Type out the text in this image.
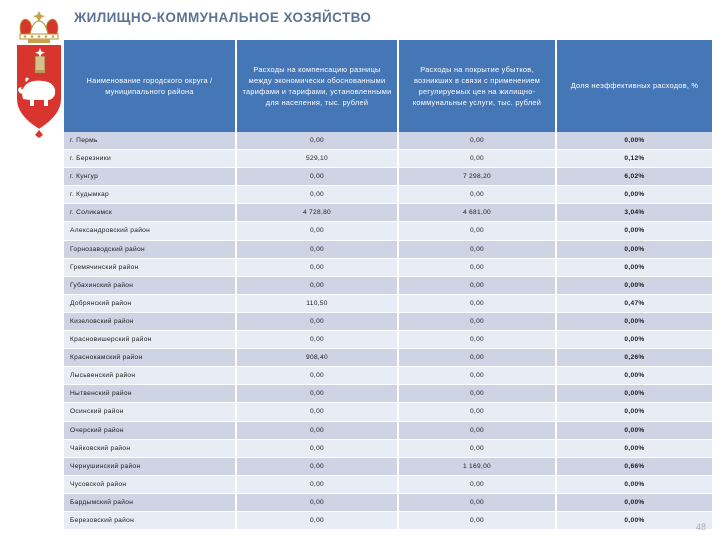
ЖИЛИЩНО-КОММУНАЛЬНОЕ ХОЗЯЙСТВО
Наименование городского округа / муниципального района	Расходы на компенсацию разницы между экономически обоснованными тарифами и тарифами, установленными для населения, тыс. рублей	Расходы на покрытие убытков, возникших в связи с применением регулируемых цен на жилищно-коммунальные услуги, тыс. рублей	Доля неэффективных расходов, %
г. Пермь	0,00	0,00	0,00%
г. Березники	529,10	0,00	0,12%
г. Кунгур	0,00	7 298,20	6,02%
г. Кудымкар	0,00	0,00	0,00%
г. Соликамск	4 728,80	4 681,00	3,04%
Александровский район	0,00	0,00	0,00%
Горнозаводский район	0,00	0,00	0,00%
Гремячинский район	0,00	0,00	0,00%
Губахинский район	0,00	0,00	0,00%
Добрянский район	110,50	0,00	0,47%
Кизеловский район	0,00	0,00	0,00%
Красновишерский район	0,00	0,00	0,00%
Краснокамский район	908,40	0,00	0,26%
Лысьвенский район	0,00	0,00	0,00%
Нытвенский район	0,00	0,00	0,00%
Осинский район	0,00	0,00	0,00%
Очерский район	0,00	0,00	0,00%
Чайковский район	0,00	0,00	0,00%
Чернушинский район	0,00	1 169,00	0,66%
Чусовской район	0,00	0,00	0,00%
Бардымский район	0,00	0,00	0,00%
Березовский район	0,00	0,00	0,00%
48
